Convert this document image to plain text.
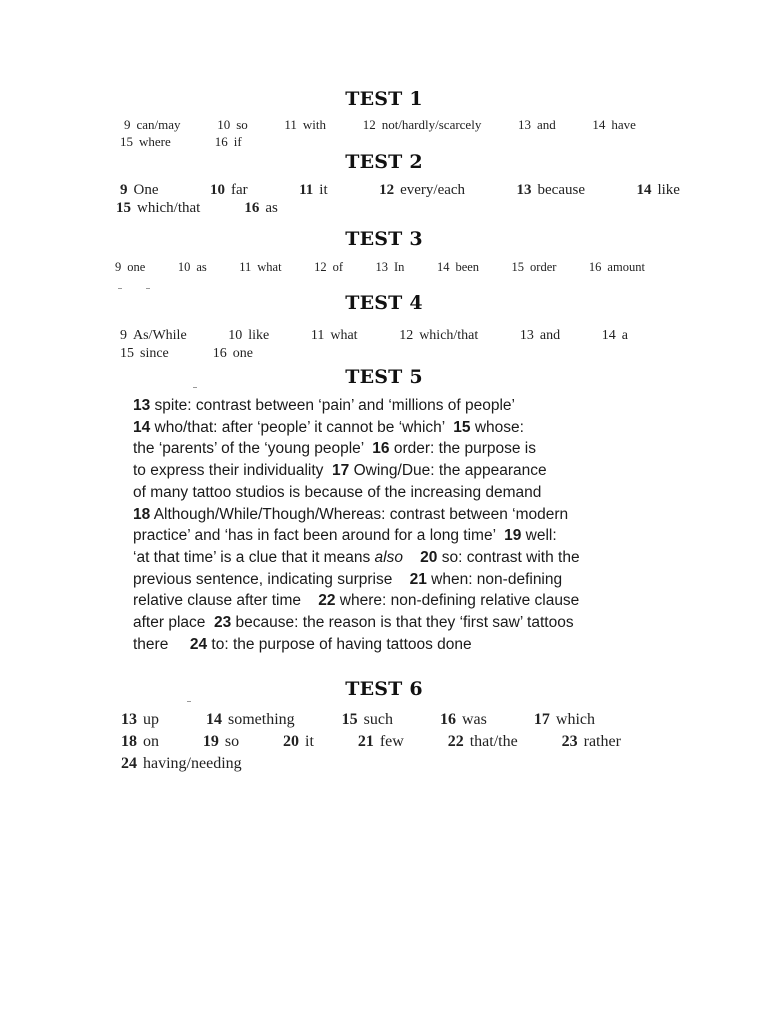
TEST 1
9 can/may	10 so	11 with	12 not/hardly/scarcely	13 and	14 have
15 where	16 if
TEST 2
9 One	10 far	11 it	12 every/each	13 because	14 like
15 which/that	16 as
TEST 3
9 one	10 as	11 what	12 of	13 In	14 been	15 order	16 amount
TEST 4
9 As/While	10 like	11 what	12 which/that	13 and	14 a
15 since	16 one
TEST 5
13 spite: contrast between ‘pain’ and ‘millions of people’
14 who/that: after ‘people’ it cannot be ‘which’  15 whose:
the ‘parents’ of the ‘young people’  16 order: the purpose is
to express their individuality  17 Owing/Due: the appearance
of many tattoo studios is because of the increasing demand
18 Although/While/Though/Whereas: contrast between ‘modern
practice’ and ‘has in fact been around for a long time’  19 well:
‘at that time’ is a clue that it means also    20 so: contrast with the
previous sentence, indicating surprise    21 when: non-defining
relative clause after time    22 where: non-defining relative clause
after place  23 because: the reason is that they ‘first saw’ tattoos
there     24 to: the purpose of having tattoos done
TEST 6
13 up	14 something	15 such	16 was	17 which
18 on	19 so	20 it	21 few	22 that/the	23 rather
24 having/needing
